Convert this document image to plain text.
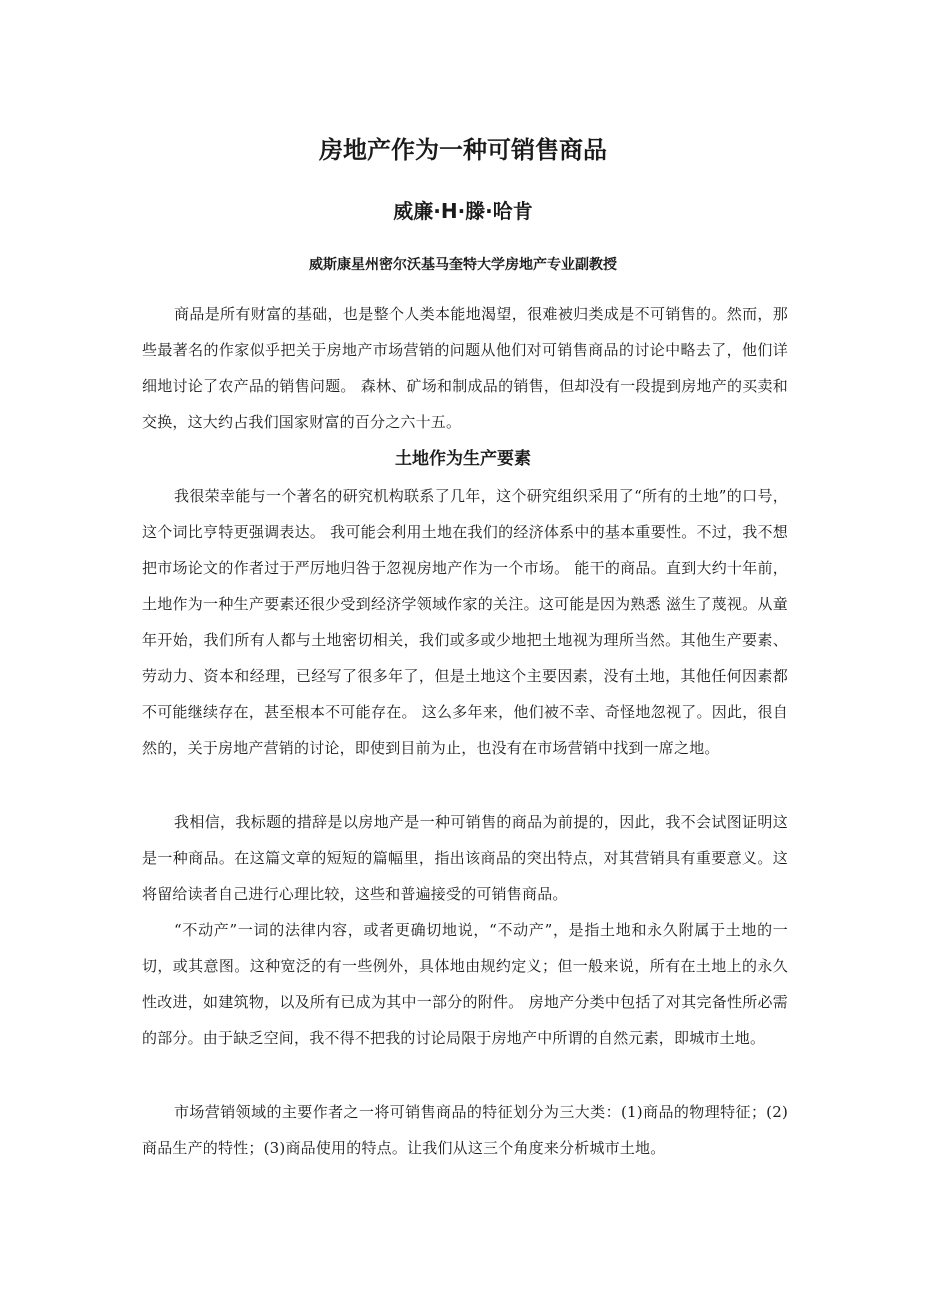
房地产作为一种可销售商品
威廉·H·滕·哈肯
威斯康星州密尔沃基马奎特大学房地产专业副教授

商品是所有财富的基础，也是整个人类本能地渴望，很难被归类成是不可销售的。然而，那些最著名的作家似乎把关于房地产市场营销的问题从他们对可销售商品的讨论中略去了，他们详细地讨论了农产品的销售问题。 森林、矿场和制成品的销售，但却没有一段提到房地产的买卖和交换，这大约占我们国家财富的百分之六十五。

土地作为生产要素

我很荣幸能与一个著名的研究机构联系了几年，这个研究组织采用了“所有的土地”的口号，这个词比亨特更强调表达。 我可能会利用土地在我们的经济体系中的基本重要性。不过，我不想把市场论文的作者过于严厉地归咎于忽视房地产作为一个市场。 能干的商品。直到大约十年前，土地作为一种生产要素还很少受到经济学领域作家的关注。这可能是因为熟悉 滋生了蔑视。从童年开始，我们所有人都与土地密切相关，我们或多或少地把土地视为理所当然。其他生产要素、劳动力、资本和经理，已经写了很多年了，但是土地这个主要因素，没有土地，其他任何因素都不可能继续存在，甚至根本不可能存在。 这么多年来，他们被不幸、奇怪地忽视了。因此，很自然的，关于房地产营销的讨论，即使到目前为止，也没有在市场营销中找到一席之地。

我相信，我标题的措辞是以房地产是一种可销售的商品为前提的，因此，我不会试图证明这是一种商品。在这篇文章的短短的篇幅里，指出该商品的突出特点，对其营销具有重要意义。这将留给读者自己进行心理比较，这些和普遍接受的可销售商品。

“不动产”一词的法律内容，或者更确切地说，“不动产”，是指土地和永久附属于土地的一切，或其意图。这种宽泛的有一些例外，具体地由规约定义；但一般来说，所有在土地上的永久性改进，如建筑物，以及所有已成为其中一部分的附件。 房地产分类中包括了对其完备性所必需的部分。由于缺乏空间，我不得不把我的讨论局限于房地产中所谓的自然元素，即城市土地。

市场营销领域的主要作者之一将可销售商品的特征划分为三大类：(1)商品的物理特征；(2)商品生产的特性；(3)商品使用的特点。让我们从这三个角度来分析城市土地。
